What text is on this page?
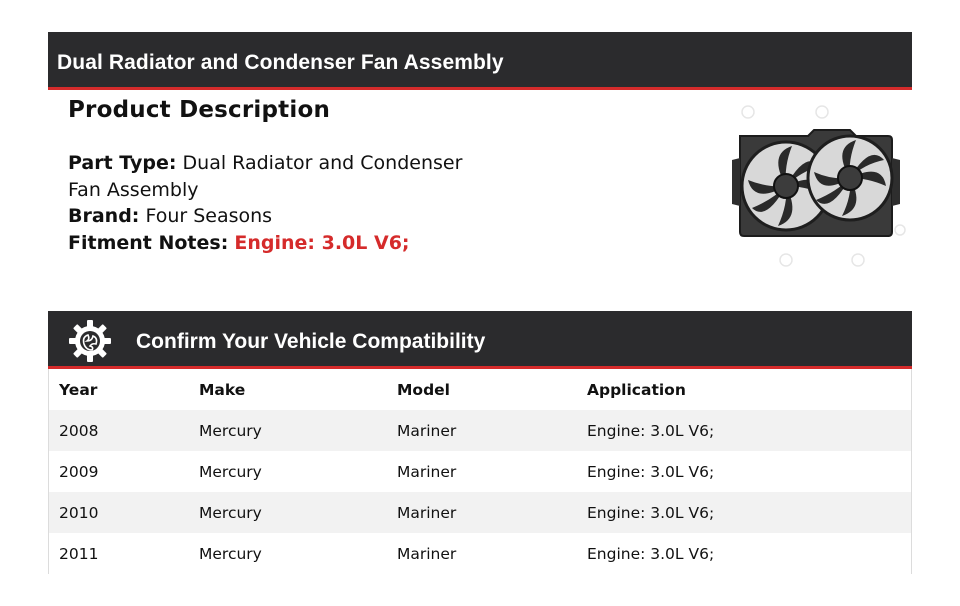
Dual Radiator and Condenser Fan Assembly
Product Description
Part Type: Dual Radiator and Condenser Fan Assembly
Brand: Four Seasons
Fitment Notes: Engine: 3.0L V6;
Confirm Your Vehicle Compatibility
Year	Make	Model	Application
2008	Mercury	Mariner	Engine: 3.0L V6;
2009	Mercury	Mariner	Engine: 3.0L V6;
2010	Mercury	Mariner	Engine: 3.0L V6;
2011	Mercury	Mariner	Engine: 3.0L V6;
